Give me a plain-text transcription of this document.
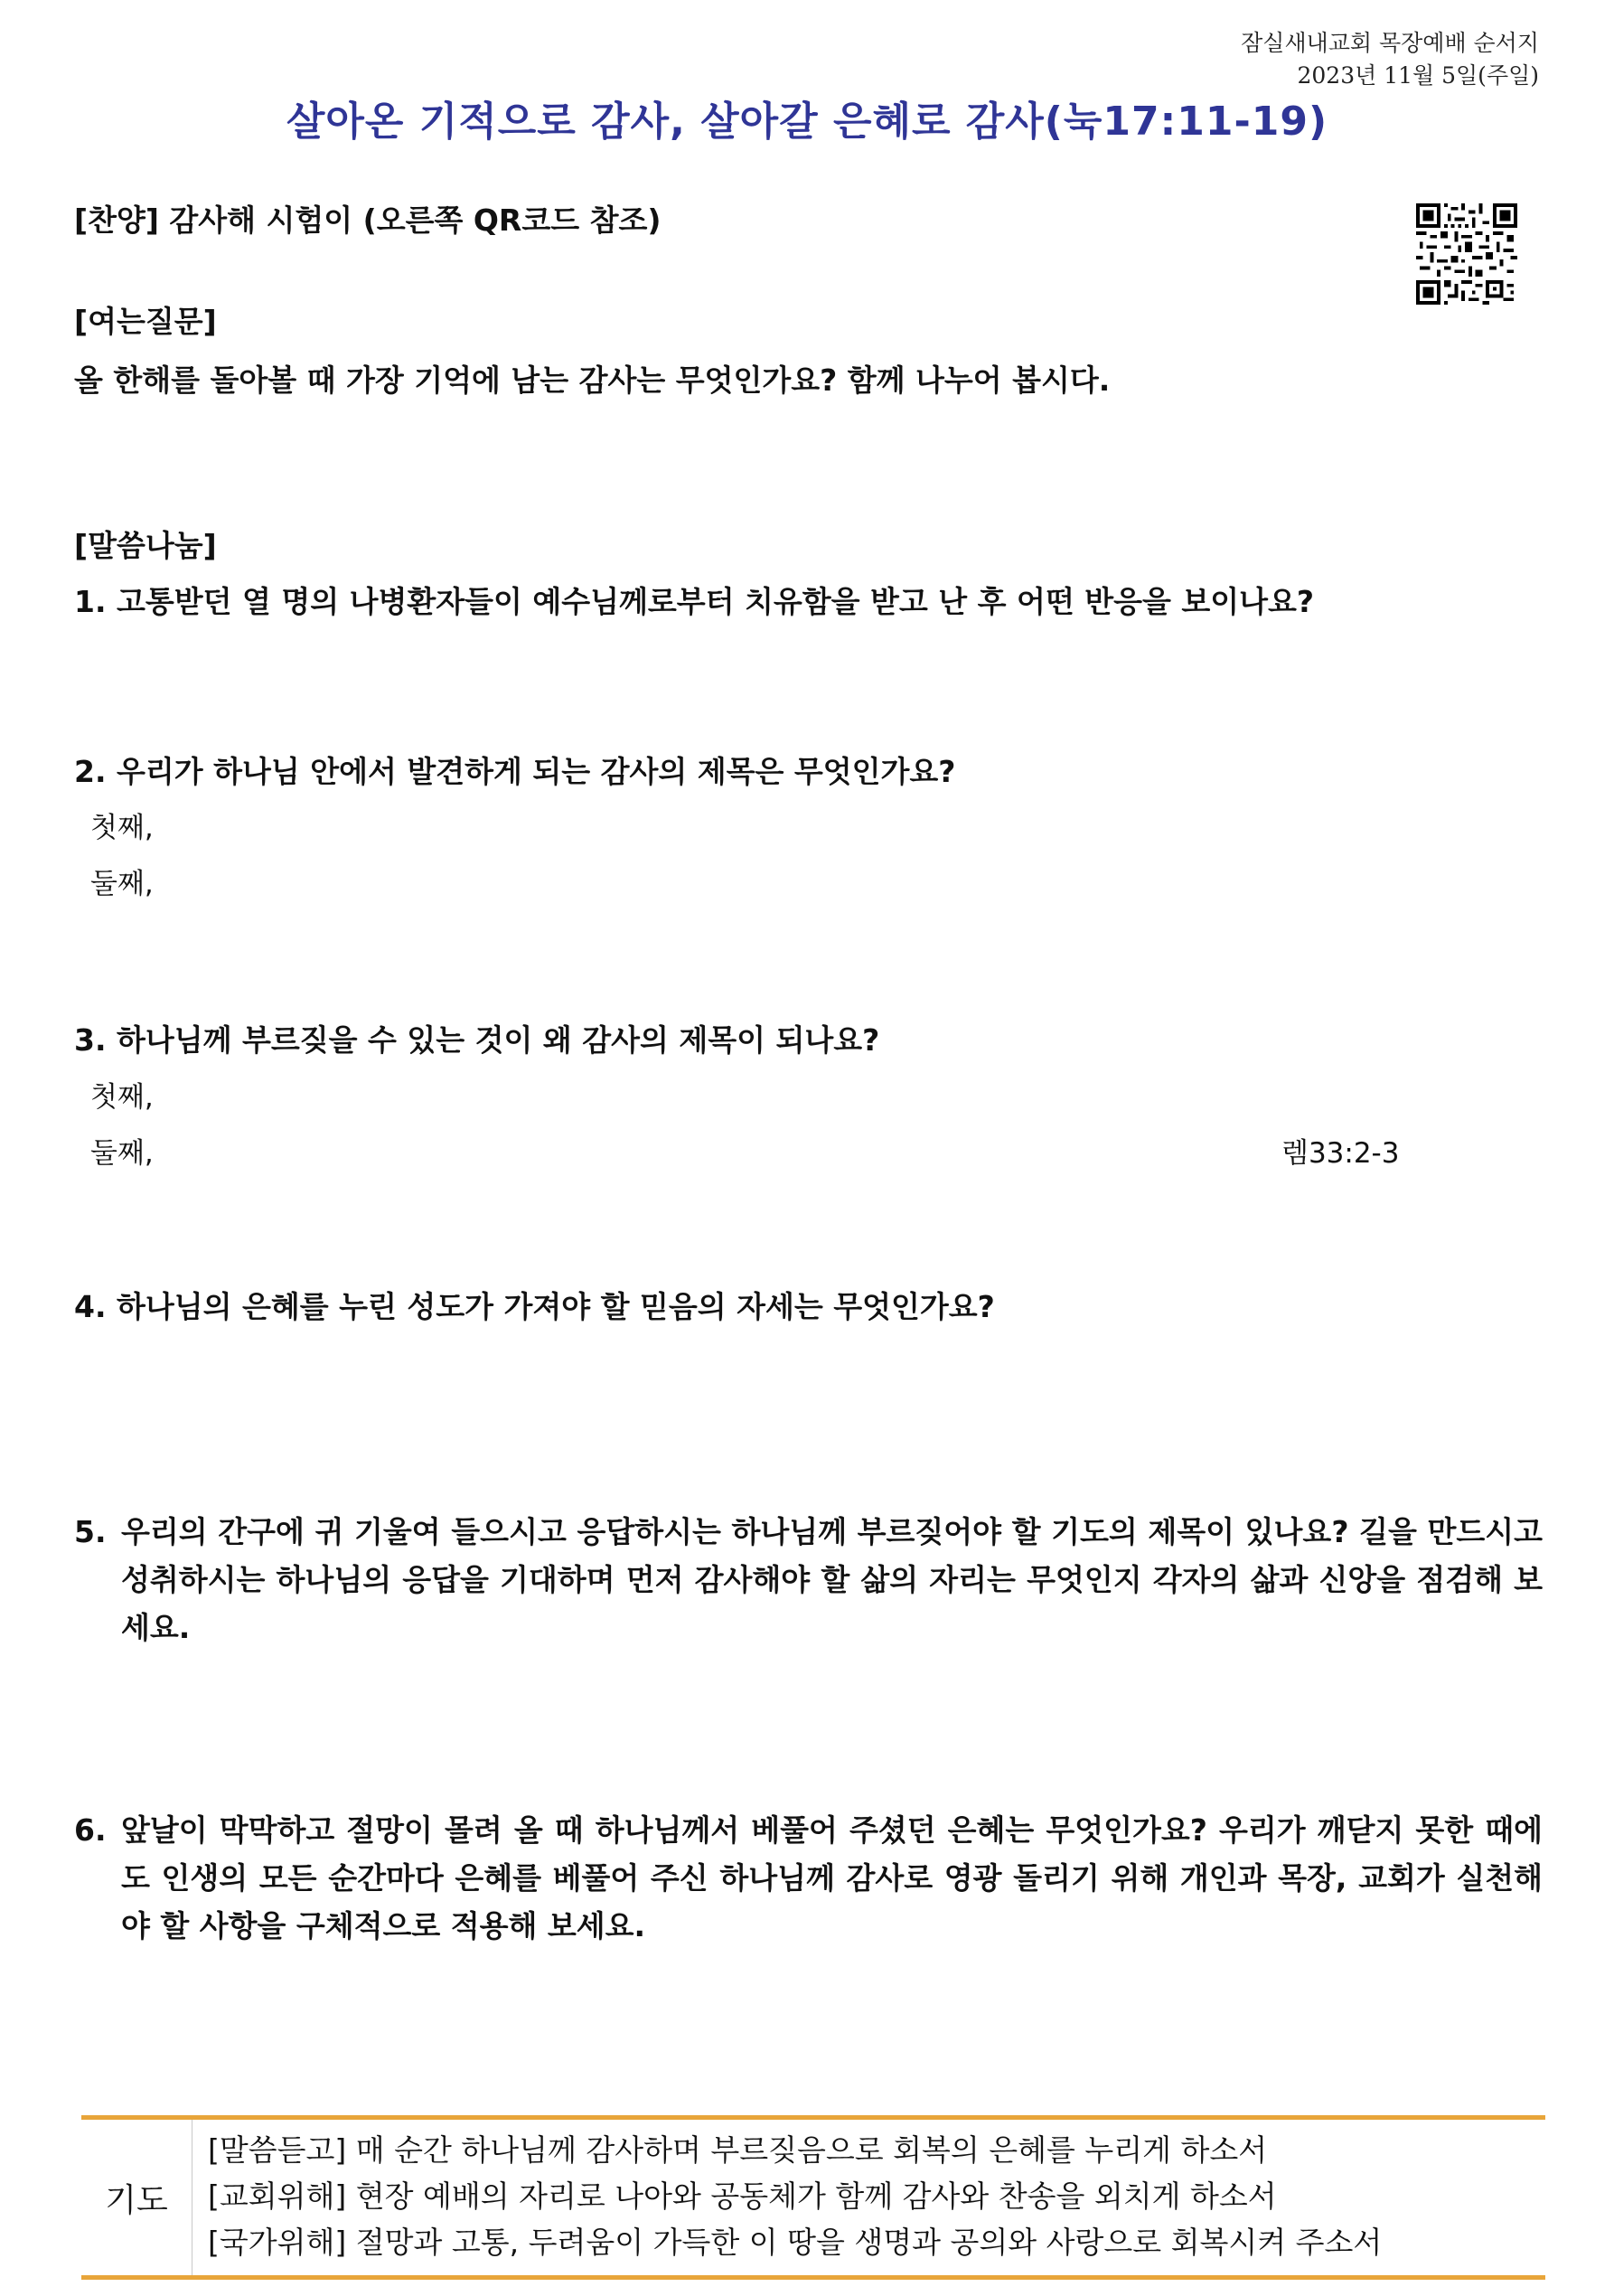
잠실새내교회 목장예배 순서지
2023년 11월 5일(주일)
살아온 기적으로 감사, 살아갈 은혜로 감사(눅17:11-19)
[찬양] 감사해 시험이 (오른쪽 QR코드 참조)
[여는질문]
올 한해를 돌아볼 때 가장 기억에 남는 감사는 무엇인가요? 함께 나누어 봅시다.
[말씀나눔]
1. 고통받던 열 명의 나병환자들이 예수님께로부터 치유함을 받고 난 후 어떤 반응을 보이나요?
2. 우리가 하나님 안에서 발견하게 되는 감사의 제목은 무엇인가요?
첫째,
둘째,
3. 하나님께 부르짖을 수 있는 것이 왜 감사의 제목이 되나요?
첫째,
둘째,	렘33:2-3
4. 하나님의 은혜를 누린 성도가 가져야 할 믿음의 자세는 무엇인가요?
5. 우리의 간구에 귀 기울여 들으시고 응답하시는 하나님께 부르짖어야 할 기도의 제목이 있나요? 길을 만드시고 성취하시는 하나님의 응답을 기대하며 먼저 감사해야 할 삶의 자리는 무엇인지 각자의 삶과 신앙을 점검해 보세요.
6. 앞날이 막막하고 절망이 몰려 올 때 하나님께서 베풀어 주셨던 은혜는 무엇인가요? 우리가 깨닫지 못한 때에도 인생의 모든 순간마다 은혜를 베풀어 주신 하나님께 감사로 영광 돌리기 위해 개인과 목장, 교회가 실천해야 할 사항을 구체적으로 적용해 보세요.
기도
[말씀듣고] 매 순간 하나님께 감사하며 부르짖음으로 회복의 은혜를 누리게 하소서
[교회위해] 현장 예배의 자리로 나아와 공동체가 함께 감사와 찬송을 외치게 하소서
[국가위해] 절망과 고통, 두려움이 가득한 이 땅을 생명과 공의와 사랑으로 회복시켜 주소서
